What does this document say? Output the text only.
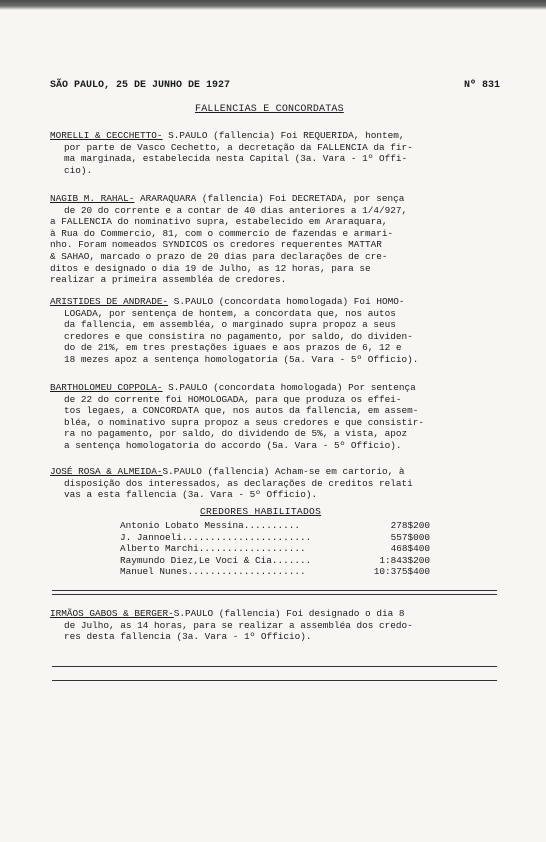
SÃO PAULO, 25 DE JUNHO DE 1927	Nº 831
FALLENCIAS E CONCORDATAS

MORELLI & CECCHETTO- S.PAULO (fallencia) Foi REQUERIDA, hontem,

por parte de Vasco Cechetto, a decretação da FALLENCIA da fir-

ma marginada, estabelecida nesta Capital (3a. Vara - 1º Offi-

cio).

NAGIB M. RAHAL- ARARAQUARA (fallencia) Foi DECRETADA, por sença

de 20 do corrente e a contar de 40 dias anteriores a 1/4/927,

a FALLENCIA do nominativo supra, estabelecido em Araraquara,

à Rua do Commercio, 81, com o commercio de fazendas e armari-

nho. Foram nomeados SYNDICOS os credores requerentes MATTAR

& SAHAO, marcado o prazo de 20 dias para declarações de cre-

ditos e designado o dia 19 de Julho, as 12 horas, para se

realizar a primeira assembléa de credores.

ARISTIDES DE ANDRADE- S.PAULO (concordata homologada) Foi HOMO-

LOGADA, por sentença de hontem, a concordata que, nos autos

da fallencia, em assembléa, o marginado supra propoz a seus

credores e que consistira no pagamento, por saldo, do dividen-

do de 21%, em tres prestações iguaes e aos prazos de 6, 12 e

18 mezes apoz a sentença homologatoria (5a. Vara - 5º Officio).

BARTHOLOMEU COPPOLA- S.PAULO (concordata homologada) Por sentença

de 22 do corrente foi HOMOLOGADA, para que produza os effei-

tos legaes, a CONCORDATA que, nos autos da fallencia, em assem-

bléa, o nominativo supra propoz a seus credores e que consistir-

ra no pagamento, por saldo, do dividendo de 5%, a vista, apoz

a sentença homologatoria do accordo (5a. Vara - 5º Officio).

JOSÉ ROSA & ALMEIDA-S.PAULO (fallencia) Acham-se em cartorio, à

disposição dos interessados, as declarações de creditos relati

vas a esta fallencia (3a. Vara - 5º Officio).

CREDORES HABILITADOS
Antonio Lobato Messina..........	278$200
J. Jannoeli.......................	557$000
Alberto Marchi...................	468$400
Raymundo Diez,Le Voci & Cia.......	1:843$200
Manuel Nunes.....................	10:375$400

IRMÃOS GABOS & BERGER-S.PAULO (fallencia) Foi designado o dia 8

de Julho, as 14 horas, para se realizar a assembléa dos credo-

res desta fallencia (3a. Vara - 1º Officio).
